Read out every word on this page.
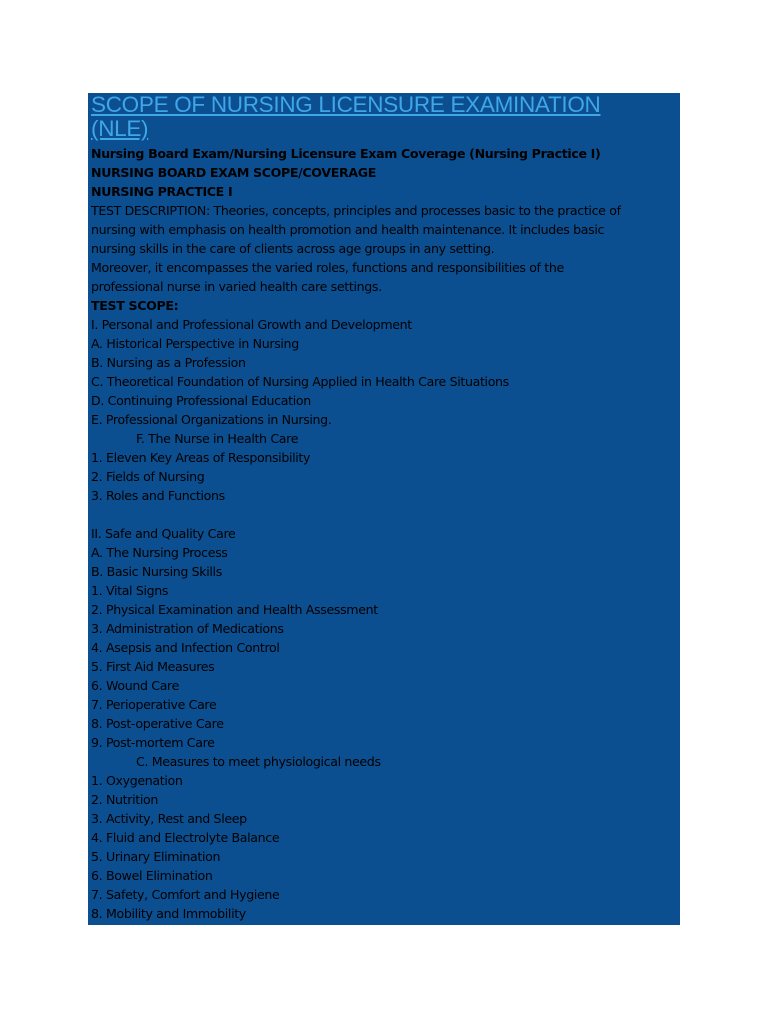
SCOPE OF NURSING LICENSURE EXAMINATION
(NLE)
Nursing Board Exam/Nursing Licensure Exam Coverage (Nursing Practice I)
NURSING BOARD EXAM SCOPE/COVERAGE
NURSING PRACTICE I
TEST DESCRIPTION: Theories, concepts, principles and processes basic to the practice of
nursing with emphasis on health promotion and health maintenance. It includes basic
nursing skills in the care of clients across age groups in any setting.
Moreover, it encompasses the varied roles, functions and responsibilities of the
professional nurse in varied health care settings.
TEST SCOPE:
I. Personal and Professional Growth and Development
A. Historical Perspective in Nursing
B. Nursing as a Profession
C. Theoretical Foundation of Nursing Applied in Health Care Situations
D. Continuing Professional Education
E. Professional Organizations in Nursing.
F. The Nurse in Health Care
1. Eleven Key Areas of Responsibility
2. Fields of Nursing
3. Roles and Functions
II. Safe and Quality Care
A. The Nursing Process
B. Basic Nursing Skills
1. Vital Signs
2. Physical Examination and Health Assessment
3. Administration of Medications
4. Asepsis and Infection Control
5. First Aid Measures
6. Wound Care
7. Perioperative Care
8. Post-operative Care
9. Post-mortem Care
C. Measures to meet physiological needs
1. Oxygenation
2. Nutrition
3. Activity, Rest and Sleep
4. Fluid and Electrolyte Balance
5. Urinary Elimination
6. Bowel Elimination
7. Safety, Comfort and Hygiene
8. Mobility and Immobility
